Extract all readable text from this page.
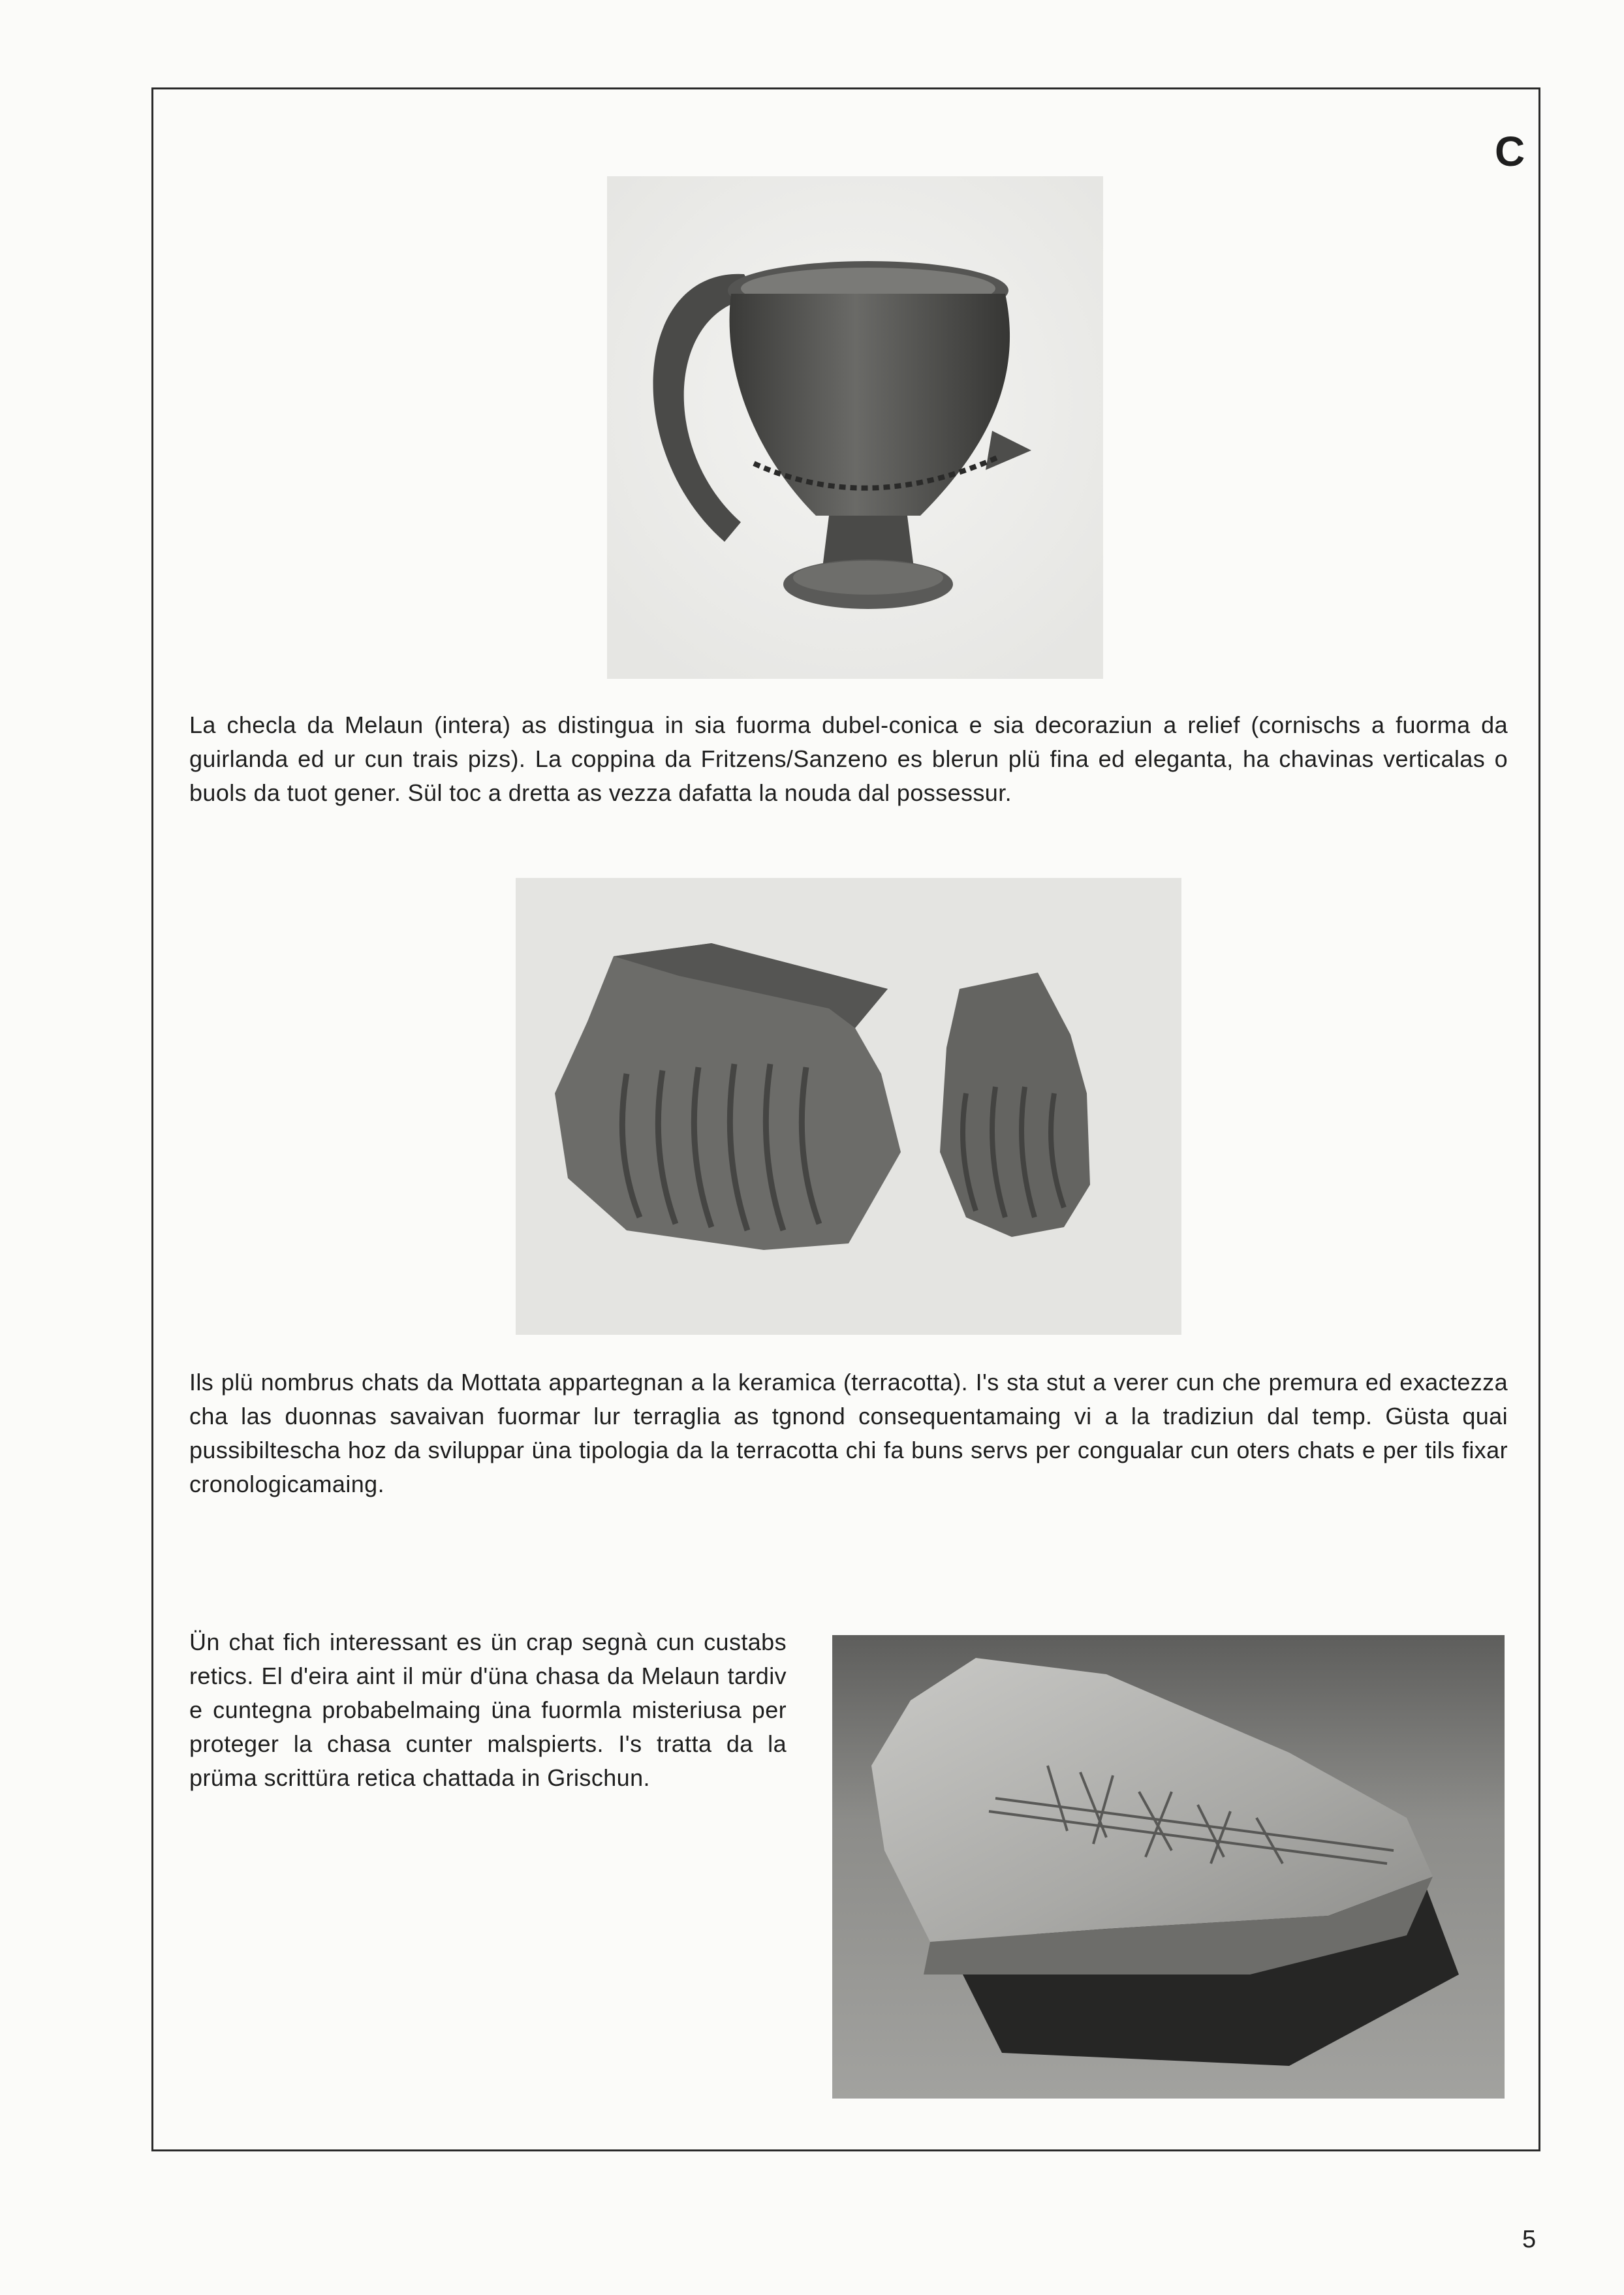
C

La checla da Melaun (intera) as distingua in sia fuorma dubel-conica e sia decoraziun a relief (cornischs a fuorma da guirlanda ed ur cun trais pizs). La coppina da Fritzens/Sanzeno es blerun plü fina ed eleganta, ha chavinas verticalas o buols da tuot gener. Sül toc a dretta as vezza dafatta la nouda dal possessur.

Ils plü nombrus chats da Mottata appartegnan a la keramica (terracotta). I's sta stut a verer cun che premura ed exactezza cha las duonnas savaivan fuormar lur terraglia as tgnond consequentamaing vi a la tradiziun dal temp. Güsta quai pussibiltescha hoz da sviluppar üna tipologia da la terracotta chi fa buns servs per congualar cun oters chats e per tils fixar cronologicamaing.

Ün chat fich interessant es ün crap segnà cun custabs retics. El d'eira aint il mür d'üna chasa da Melaun tardiv e cuntegna probabelmaing üna fuormla misteriusa per proteger la chasa cunter malspierts. I's tratta da la prüma scrittüra retica chattada in Grischun.

5
